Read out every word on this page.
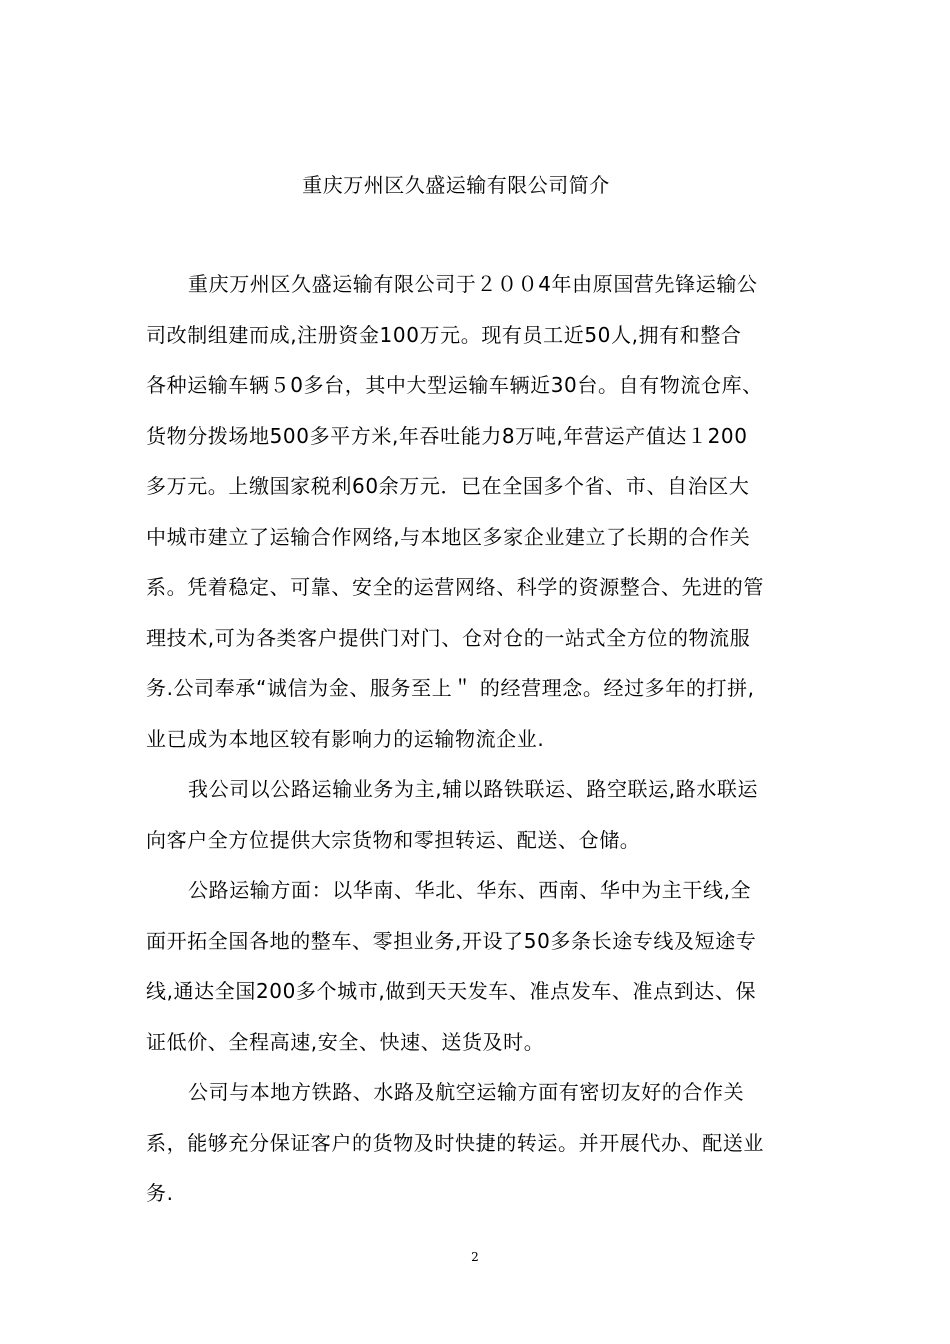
重庆万州区久盛运输有限公司简介

重庆万州区久盛运输有限公司于２００4年由原国营先锋运输公
司改制组建而成,注册资金100万元。现有员工近50人,拥有和整合
各种运输车辆５0多台，其中大型运输车辆近30台。自有物流仓库、
货物分拨场地500多平方米,年吞吐能力8万吨,年营运产值达１200
多万元。上缴国家税利60余万元．已在全国多个省、市、自治区大
中城市建立了运输合作网络,与本地区多家企业建立了长期的合作关
系。凭着稳定、可靠、安全的运营网络、科学的资源整合、先进的管
理技术,可为各类客户提供门对门、仓对仓的一站式全方位的物流服
务.公司奉承“诚信为金、服务至上＂ 的经营理念。经过多年的打拼,
业已成为本地区较有影响力的运输物流企业.

我公司以公路运输业务为主,辅以路铁联运、路空联运,路水联运
向客户全方位提供大宗货物和零担转运、配送、仓储。

公路运输方面：以华南、华北、华东、西南、华中为主干线,全
面开拓全国各地的整车、零担业务,开设了50多条长途专线及短途专
线,通达全国200多个城市,做到天天发车、准点发车、准点到达、保
证低价、全程高速,安全、快速、送货及时。

公司与本地方铁路、水路及航空运输方面有密切友好的合作关
系，能够充分保证客户的货物及时快捷的转运。并开展代办、配送业
务.

2
